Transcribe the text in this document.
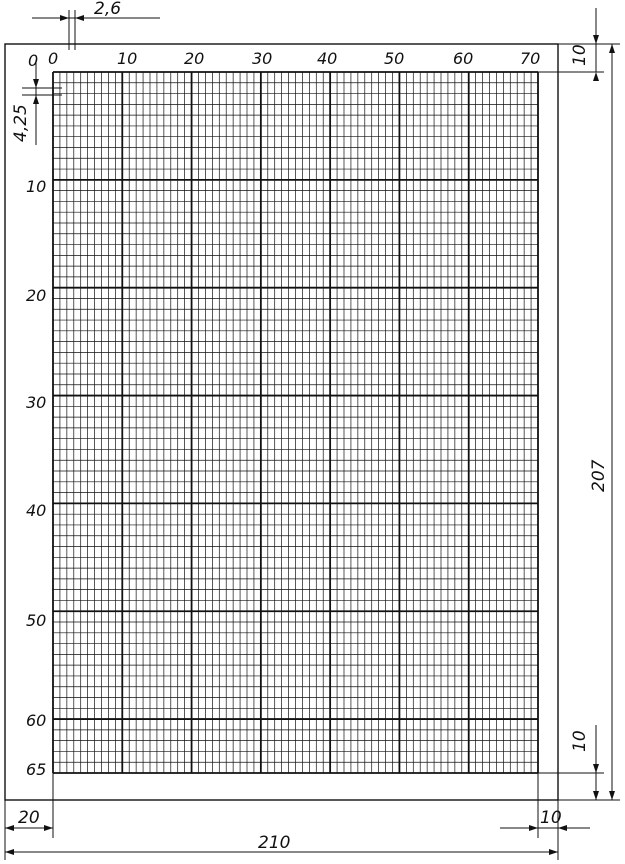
0	10	20	30	40	50	60	70
0
10
20
30
40
50
60
65
2,6
4,25
10
10
207
20	10
210
